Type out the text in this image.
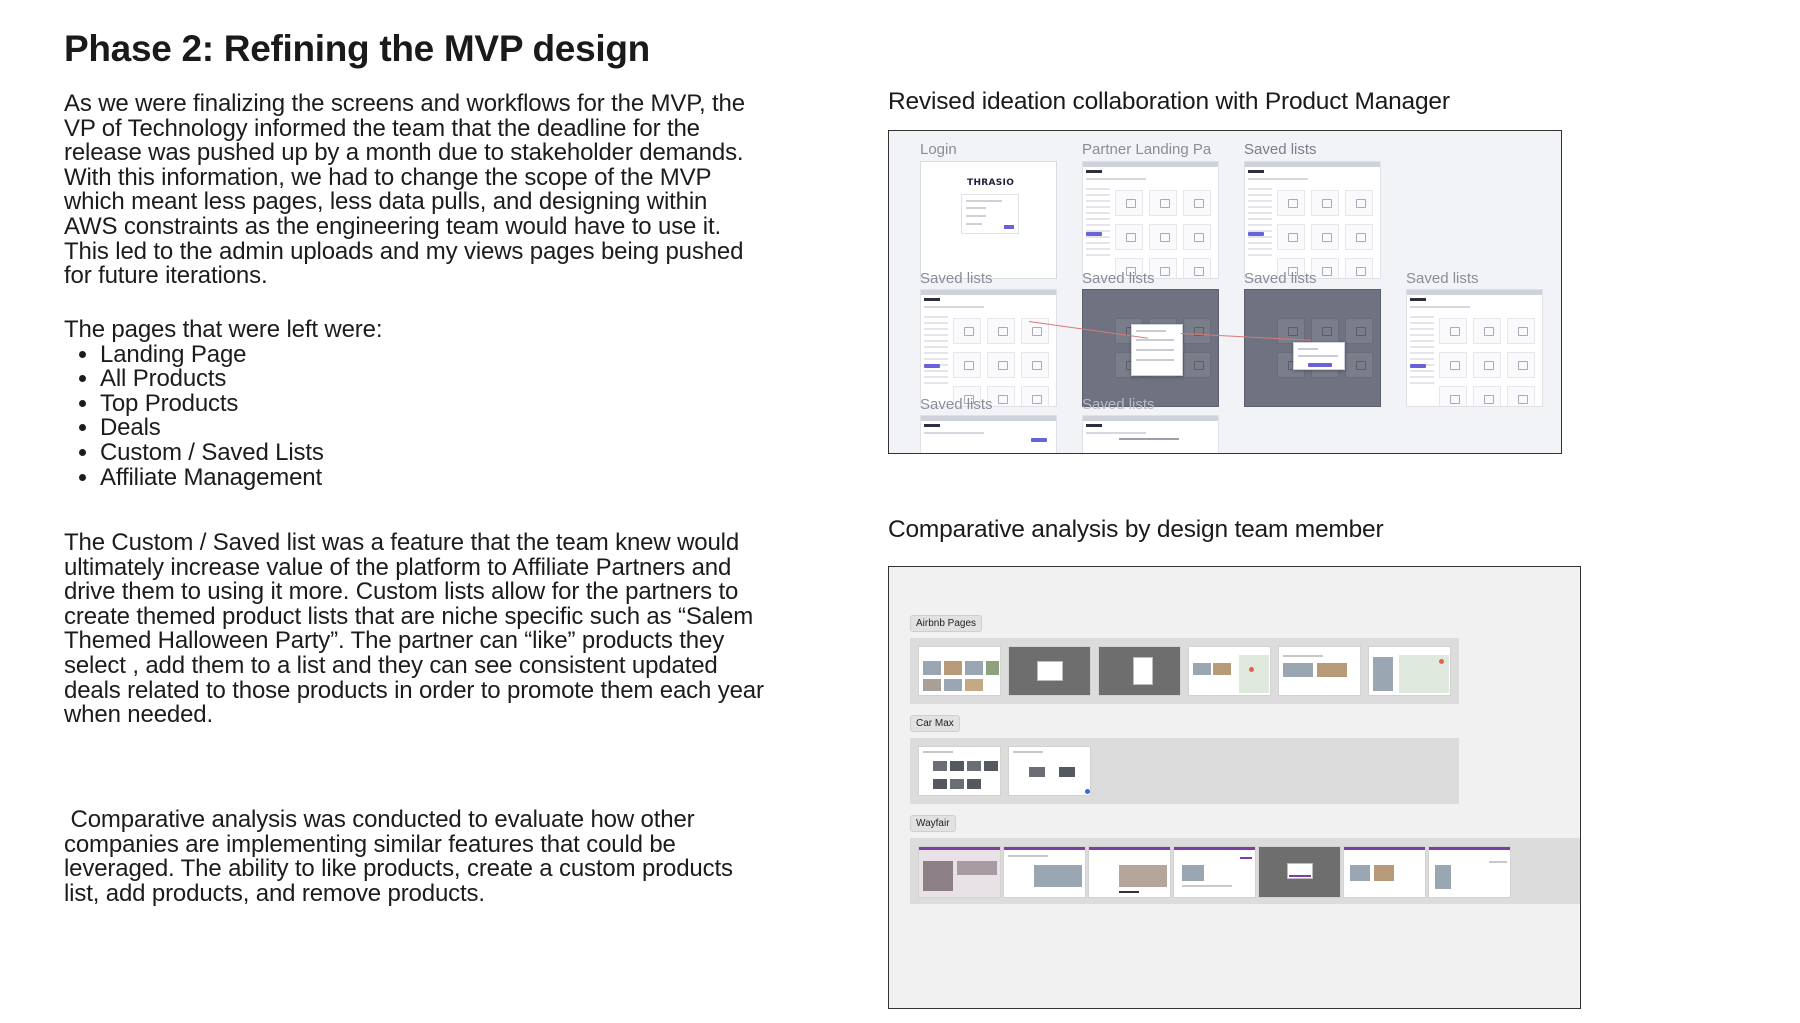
Phase 2: Refining the MVP design

As we were finalizing the screens and workflows for the MVP, the VP of Technology informed the team that the deadline for the release was pushed up by a month due to stakeholder demands. With this information, we had to change the scope of the MVP which meant less pages, less data pulls, and designing within AWS constraints as the engineering team would have to use it. This led to the admin uploads and my views pages being pushed for future iterations.

The pages that were left were:

• Landing Page
• All Products
• Top Products
• Deals
• Custom / Saved Lists
• Affiliate Management

The Custom / Saved list was a feature that the team knew would ultimately increase value of the platform to Affiliate Partners and drive them to using it more. Custom lists allow for the partners to create themed product lists that are niche specific such as “Salem Themed Halloween Party”. The partner can “like” products they select , add them to a list and they can see consistent updated deals related to those products in order to promote them each year when needed.

Comparative analysis was conducted to evaluate how other companies are implementing similar features that could be leveraged. The ability to like products, create a custom products list, add products, and remove products.

Revised ideation collaboration with Product Manager
Login
THRASIO
Partner Landing Pa Saved lists
Saved lists	Saved lists	Saved lists	Saved lists
Saved lists	Saved lists
Comparative analysis by design team member
Airbnb Pages
Car Max
Wayfair
